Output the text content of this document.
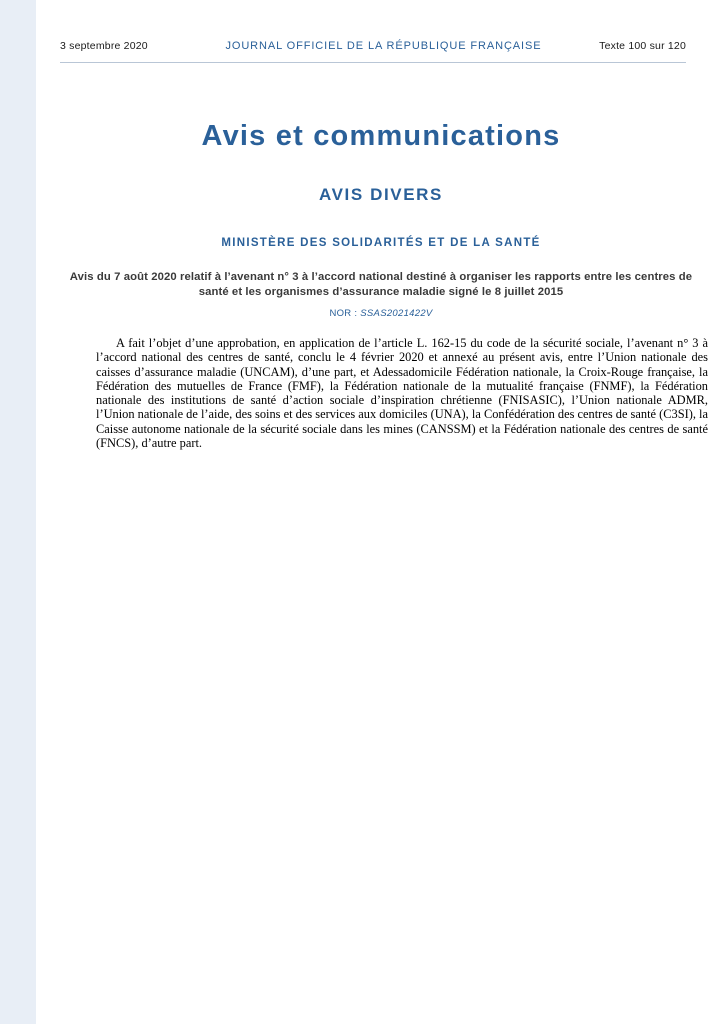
3 septembre 2020	JOURNAL OFFICIEL DE LA RÉPUBLIQUE FRANÇAISE	Texte 100 sur 120
Avis et communications
AVIS DIVERS
MINISTÈRE DES SOLIDARITÉS ET DE LA SANTÉ
Avis du 7 août 2020 relatif à l’avenant n° 3 à l’accord national destiné à organiser les rapports entre les centres de santé et les organismes d’assurance maladie signé le 8 juillet 2015
NOR : SSAS2021422V
A fait l’objet d’une approbation, en application de l’article L. 162-15 du code de la sécurité sociale, l’avenant n° 3 à l’accord national des centres de santé, conclu le 4 février 2020 et annexé au présent avis, entre l’Union nationale des caisses d’assurance maladie (UNCAM), d’une part, et Adessadomicile Fédération nationale, la Croix-Rouge française, la Fédération des mutuelles de France (FMF), la Fédération nationale de la mutualité française (FNMF), la Fédération nationale des institutions de santé d’action sociale d’inspiration chrétienne (FNISASIC), l’Union nationale ADMR, l’Union nationale de l’aide, des soins et des services aux domiciles (UNA), la Confédération des centres de santé (C3SI), la Caisse autonome nationale de la sécurité sociale dans les mines (CANSSM) et la Fédération nationale des centres de santé (FNCS), d’autre part.
